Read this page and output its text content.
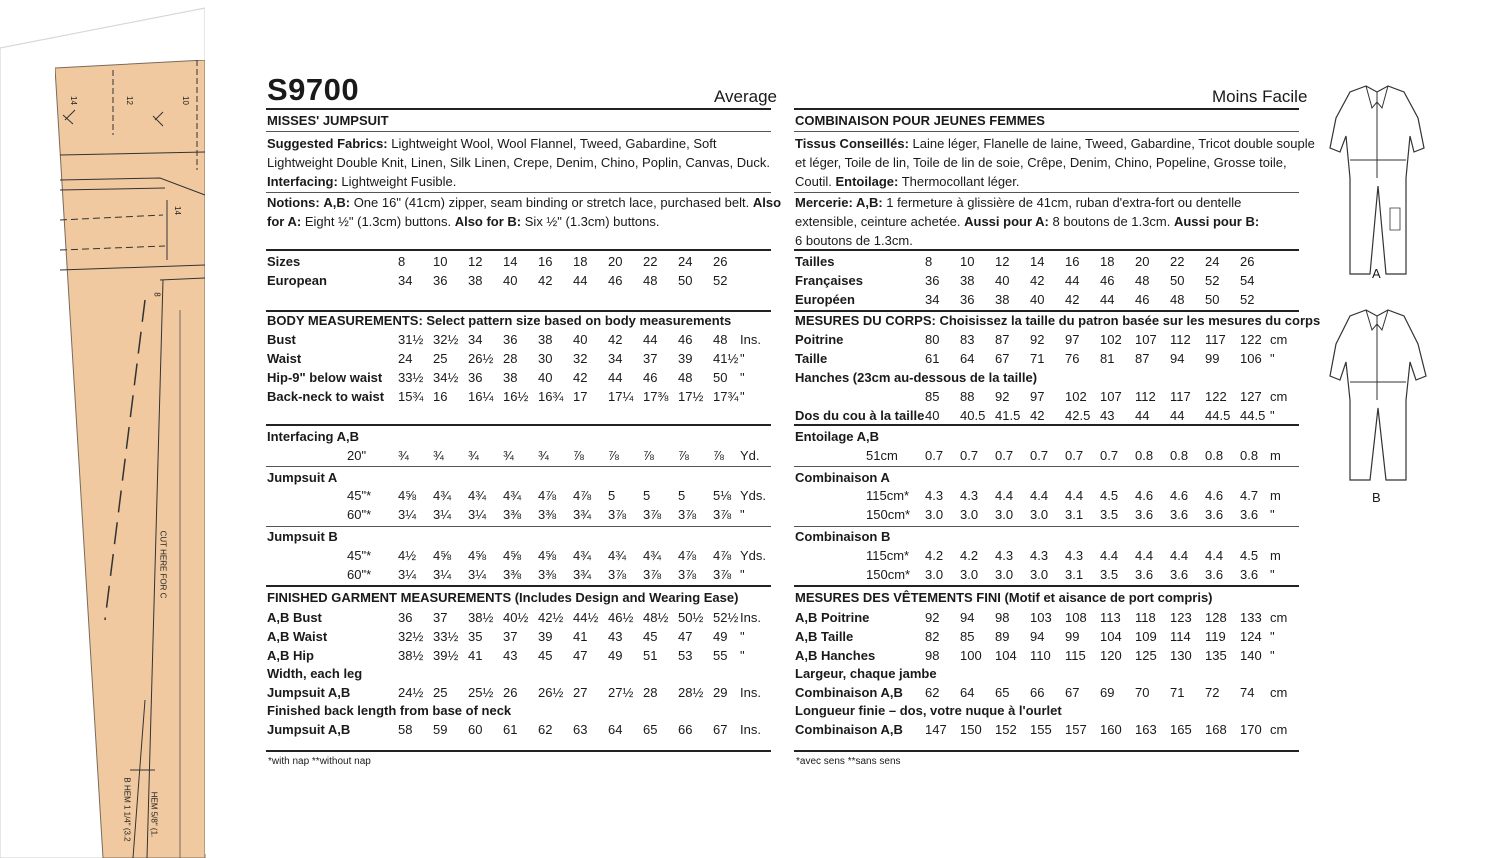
14	12	10
14
8
CUT HERE FOR C
B HEM 1 1/4" (3.2 HEM 5/8" (1.
S9700	Average
MISSES' JUMPSUIT
Suggested Fabrics: Lightweight Wool, Wool Flannel, Tweed, Gabardine, Soft
Lightweight Double Knit, Linen, Silk Linen, Crepe, Denim, Chino, Poplin, Canvas, Duck.
Interfacing: Lightweight Fusible.
Notions: A,B: One 16" (41cm) zipper, seam binding or stretch lace, purchased belt. Also
for A: Eight ½" (1.3cm) buttons. Also for B: Six ½" (1.3cm) buttons.
*with nap **without nap
Moins Facile
COMBINAISON POUR JEUNES FEMMES
Tissus Conseillés: Laine léger, Flanelle de laine, Tweed, Gabardine, Tricot double souple
et léger, Toile de lin, Toile de lin de soie, Crêpe, Denim, Chino, Popeline, Grosse toile,
Coutil. Entoilage: Thermocollant léger.
Mercerie: A,B: 1 fermeture à glissière de 41cm, ruban d'extra-fort ou dentelle
extensible, ceinture achetée. Aussi pour A: 8 boutons de 1.3cm. Aussi pour B:
6 boutons de 1.3cm.
*avec sens **sans sens
A
B
Sizes	8 10 12 14 16 18 20 22 24 26
European	34 36 38 40 42 44 46 48 50 52
BODY MEASUREMENTS: Select pattern size based on body measurements
Bust	31½ 32½ 34 36 38 40 42 44 46 48 Ins.
Waist	24 25 26½ 28 30 32 34 37 39 41½ "
Hip-9" below waist 33½ 34½ 36 38 40 42 44 46 48 50 "
Back-neck to waist 15¾ 16 16¼ 16½ 16¾ 17 17¼ 17⅜ 17½ 17¾ "
Interfacing A,B
20" ¾ ¾ ¾ ¾ ¾ ⅞ ⅞ ⅞ ⅞ ⅞ Yd.
Jumpsuit A
45"* 4⅝ 4¾ 4¾ 4¾ 4⅞ 4⅞ 5 5 5 5⅛ Yds.
60"* 3¼ 3¼ 3¼ 3⅜ 3⅜ 3¾ 3⅞ 3⅞ 3⅞ 3⅞ "
Jumpsuit B
45"* 4½ 4⅝ 4⅝ 4⅝ 4⅝ 4¾ 4¾ 4¾ 4⅞ 4⅞ Yds.
60"* 3¼ 3¼ 3¼ 3⅜ 3⅜ 3¾ 3⅞ 3⅞ 3⅞ 3⅞ "
FINISHED GARMENT MEASUREMENTS (Includes Design and Wearing Ease)
A,B Bust	36 37 38½ 40½ 42½ 44½ 46½ 48½ 50½ 52½ Ins.
A,B Waist	32½ 33½ 35 37 39 41 43 45 47 49 "
A,B Hip	38½ 39½ 41 43 45 47 49 51 53 55 "
Width, each leg
Jumpsuit A,B	24½ 25 25½ 26 26½ 27 27½ 28 28½ 29 Ins.
Finished back length from base of neck
Jumpsuit A,B	58 59 60 61 62 63 64 65 66 67 Ins.
Tailles	8 10 12 14 16 18 20 22 24 26
Françaises	36 38 40 42 44 46 48 50 52 54
Européen	34 36 38 40 42 44 46 48 50 52
MESURES DU CORPS: Choisissez la taille du patron basée sur les mesures du corps
Poitrine	80 83 87 92 97 102 107 112 117 122 cm
Taille	61 64 67 71 76 81 87 94 99 106 "
Hanches (23cm au-dessous de la taille)
85 88 92 97 102 107 112 117 122 127 cm
Dos du cou à la taille 40 40.5 41.5 42 42.5 43 44 44 44.5 44.5 "
Entoilage A,B
51cm 0.7 0.7 0.7 0.7 0.7 0.7 0.8 0.8 0.8 0.8 m
Combinaison A
115cm* 4.3 4.3 4.4 4.4 4.4 4.5 4.6 4.6 4.6 4.7 m
150cm* 3.0 3.0 3.0 3.0 3.1 3.5 3.6 3.6 3.6 3.6 "
Combinaison B
115cm* 4.2 4.2 4.3 4.3 4.3 4.4 4.4 4.4 4.4 4.5 m
150cm* 3.0 3.0 3.0 3.0 3.1 3.5 3.6 3.6 3.6 3.6 "
MESURES DES VÊTEMENTS FINI (Motif et aisance de port compris)
A,B Poitrine	92 94 98 103 108 113 118 123 128 133 cm
A,B Taille	82 85 89 94 99 104 109 114 119 124 "
A,B Hanches	98 100 104 110 115 120 125 130 135 140 "
Largeur, chaque jambe
Combinaison A,B 62 64 65 66 67 69 70 71 72 74 cm
Longueur finie – dos, votre nuque à l'ourlet
Combinaison A,B 147 150 152 155 157 160 163 165 168 170 cm
